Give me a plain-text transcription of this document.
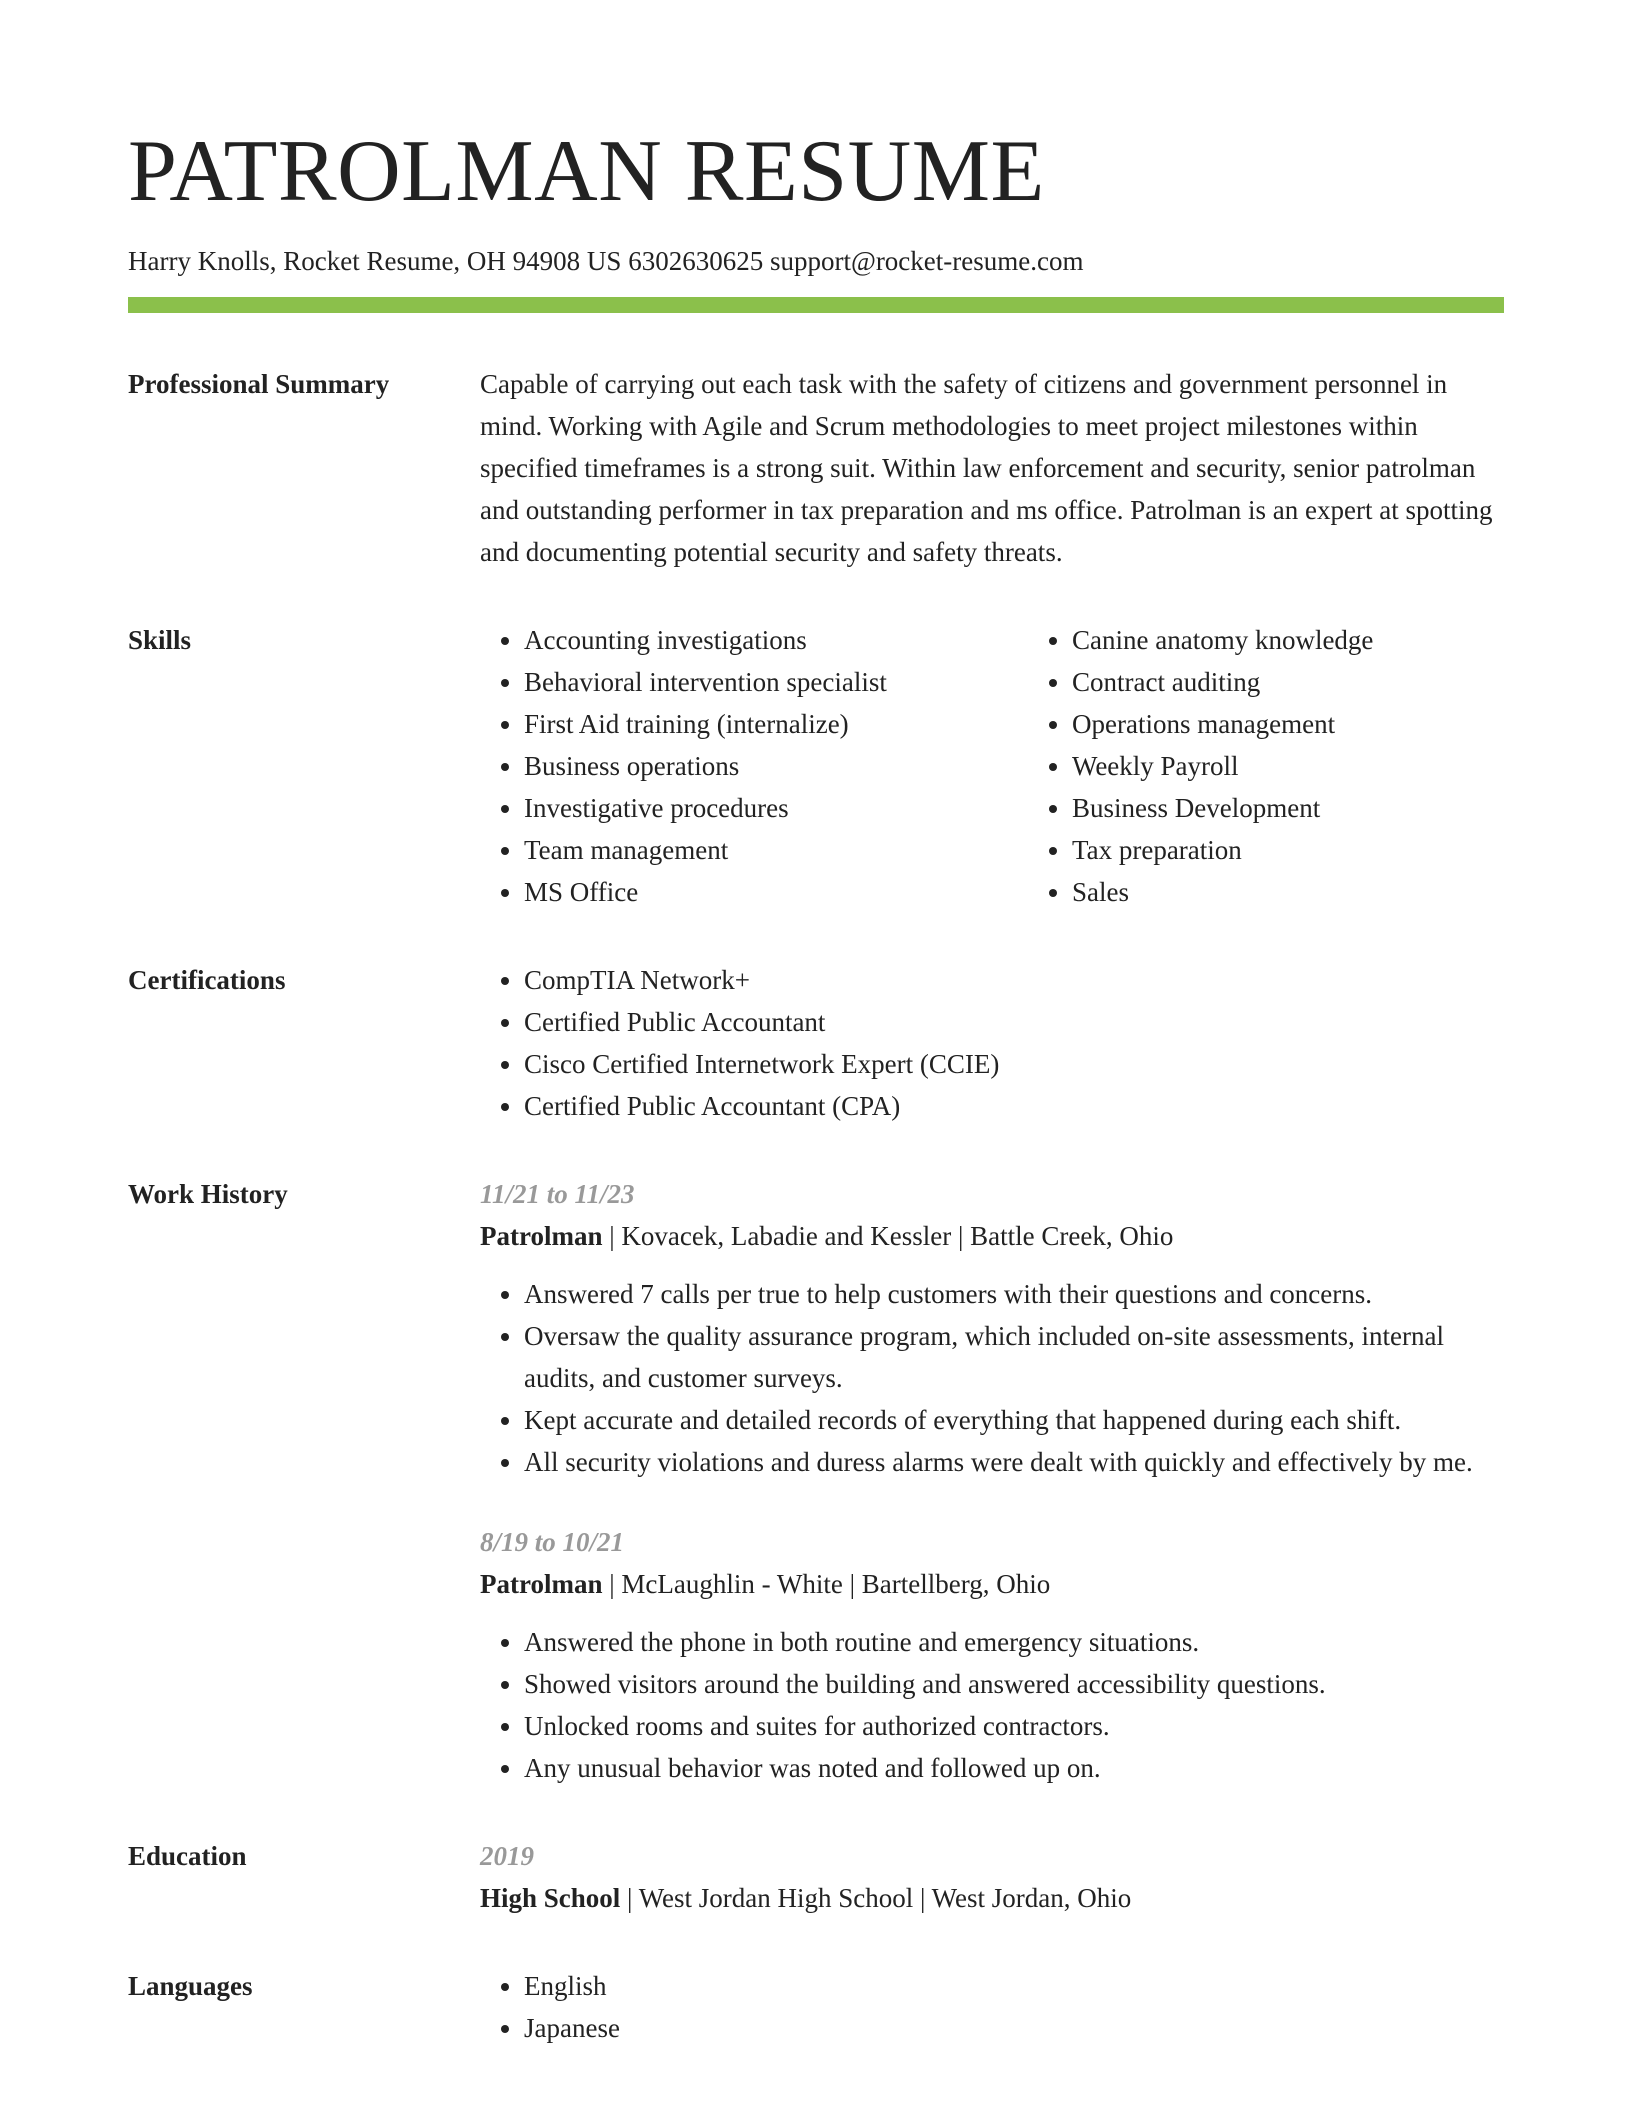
PATROLMAN RESUME
Harry Knolls, Rocket Resume, OH 94908 US 6302630625 support@rocket-resume.com
Professional Summary	Capable of carrying out each task with the safety of citizens and government personnel in mind. Working with Agile and Scrum methodologies to meet project milestones within specified timeframes is a strong suit. Within law enforcement and security, senior patrolman and outstanding performer in tax preparation and ms office. Patrolman is an expert at spotting and documenting potential security and safety threats.

Skills	• Accounting investigations
• Behavioral intervention specialist
• First Aid training (internalize)
• Business operations
• Investigative procedures
• Team management
• MS Office
• Canine anatomy knowledge
• Contract auditing
• Operations management
• Weekly Payroll
• Business Development
• Tax preparation
• Sales
Certifications	• CompTIA Network+
• Certified Public Accountant
• Cisco Certified Internetwork Expert (CCIE)
• Certified Public Accountant (CPA)
Work History	11/21 to 11/23
Patrolman | Kovacek, Labadie and Kessler | Battle Creek, Ohio
• Answered 7 calls per true to help customers with their questions and concerns.
• Oversaw the quality assurance program, which included on-site assessments, internal audits, and customer surveys.
• Kept accurate and detailed records of everything that happened during each shift.
• All security violations and duress alarms were dealt with quickly and effectively by me.
8/19 to 10/21
Patrolman | McLaughlin - White | Bartellberg, Ohio
• Answered the phone in both routine and emergency situations.
• Showed visitors around the building and answered accessibility questions.
• Unlocked rooms and suites for authorized contractors.
• Any unusual behavior was noted and followed up on.
Education	2019
High School | West Jordan High School | West Jordan, Ohio
Languages	• English
• Japanese
